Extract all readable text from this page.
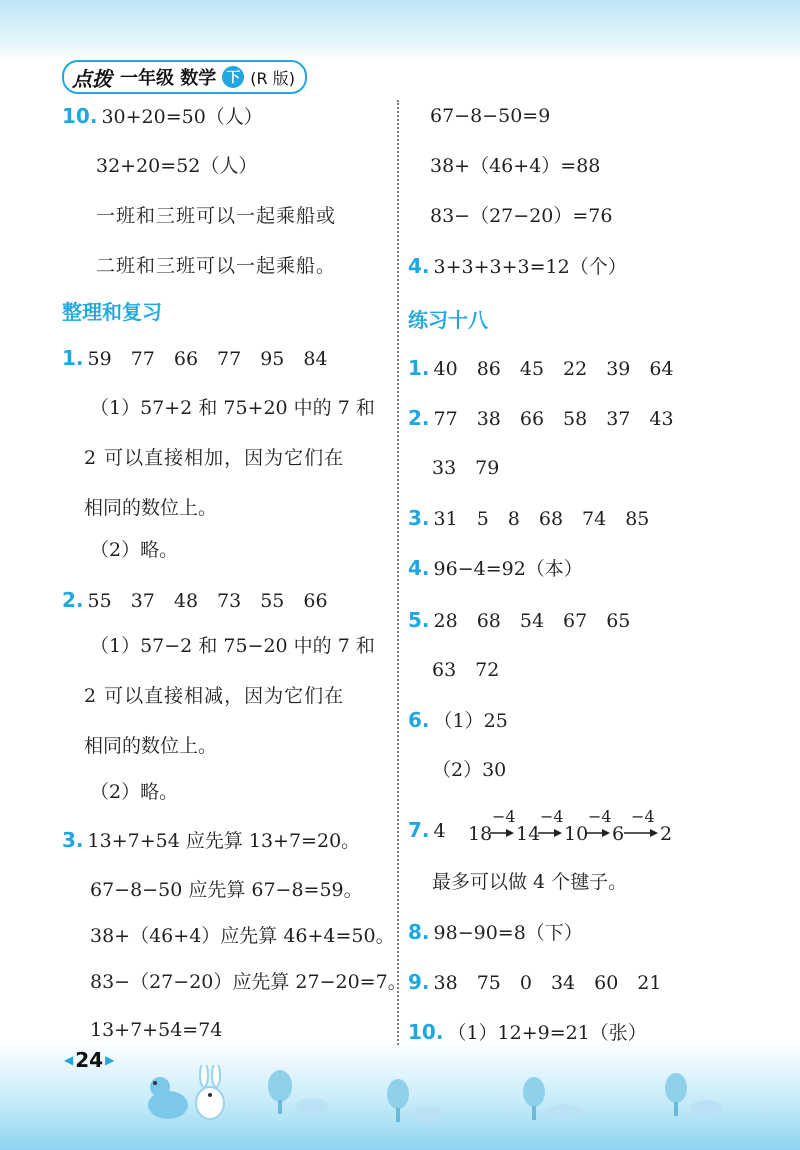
点拨 一年级 数学 下 (R 版)
10. 30+20=50（人）
32+20=52（人）
一班和三班可以一起乘船或
二班和三班可以一起乘船。
整理和复习
1. 59　77　66　77　95　84
（1）57+2 和 75+20 中的 7 和
2 可以直接相加，因为它们在
相同的数位上。
（2）略。
2. 55　37　48　73　55　66
（1）57−2 和 75−20 中的 7 和
2 可以直接相减，因为它们在
相同的数位上。
（2）略。
3. 13+7+54 应先算 13+7=20。
67−8−50 应先算 67−8=59。
38+（46+4）应先算 46+4=50。
83−（27−20）应先算 27−20=7。
13+7+54=74
67−8−50=9
38+（46+4）=88
83−（27−20）=76
4. 3+3+3+3=12（个）
练习十八
1. 40　86　45　22　39　64
2. 77　38　66　58　37　43
33　79
3. 31　5　8　68　74　85
4. 96−4=92（本）
5. 28　68　54　67　65
63　72
6. （1）25
（2）30
7. 4 18
−4
14
−4
10
−4
6
−4
2
最多可以做 4 个毽子。
8. 98−90=8（下）
9. 38　75　0　34　60　21
10. （1）12+9=21（张）
◀ 24 ▶
